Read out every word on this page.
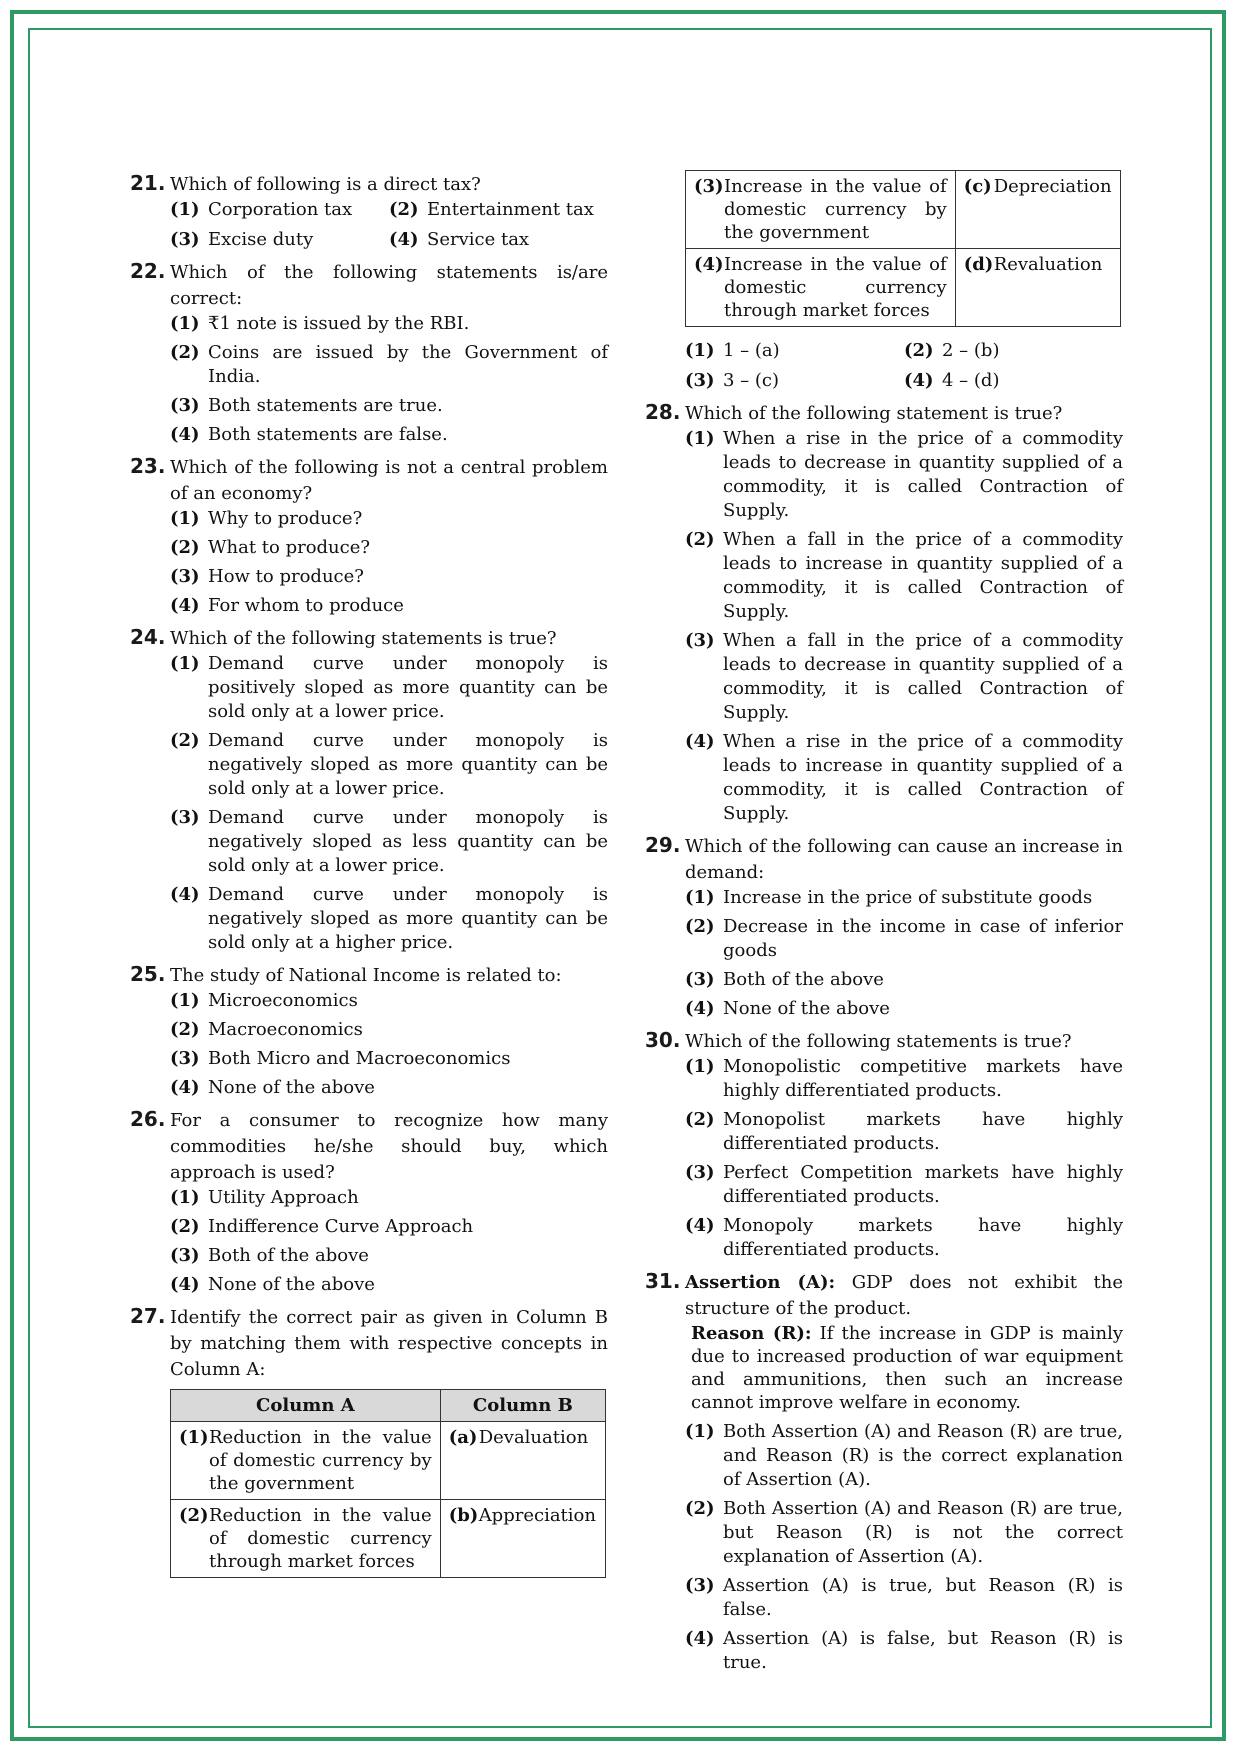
21. Which of following is a direct tax?
(1) Corporation tax	(2) Entertainment tax
(3) Excise duty	(4) Service tax
22. Which of the following statements is/are correct:
(1) ₹1 note is issued by the RBI.
(2) Coins are issued by the Government of India.
(3) Both statements are true.
(4) Both statements are false.
23. Which of the following is not a central problem of an economy?
(1) Why to produce?
(2) What to produce?
(3) How to produce?
(4) For whom to produce
24. Which of the following statements is true?
(1) Demand curve under monopoly is positively sloped as more quantity can be sold only at a lower price.
(2) Demand curve under monopoly is negatively sloped as more quantity can be sold only at a lower price.
(3) Demand curve under monopoly is negatively sloped as less quantity can be sold only at a lower price.
(4) Demand curve under monopoly is negatively sloped as more quantity can be sold only at a higher price.
25. The study of National Income is related to:
(1) Microeconomics
(2) Macroeconomics
(3) Both Micro and Macroeconomics
(4) None of the above
26. For a consumer to recognize how many commodities he/she should buy, which approach is used?
(1) Utility Approach
(2) Indifference Curve Approach
(3) Both of the above
(4) None of the above
27. Identify the correct pair as given in Column B by matching them with respective concepts in Column A:
Column A	Column B

(1) Reduction in the value of domestic currency by the government	(a) Devaluation

(2) Reduction in the value of domestic currency through market forces	(b) Appreciation
(3) Increase in the value of domestic currency by the government	(c) Depreciation

(4) Increase in the value of domestic currency through market forces	(d) Revaluation
(1) 1 – (a)	(2) 2 – (b)
(3) 3 – (c)	(4) 4 – (d)
28. Which of the following statement is true?
(1) When a rise in the price of a commodity leads to decrease in quantity supplied of a commodity, it is called Contraction of Supply.
(2) When a fall in the price of a commodity leads to increase in quantity supplied of a commodity, it is called Contraction of Supply.
(3) When a fall in the price of a commodity leads to decrease in quantity supplied of a commodity, it is called Contraction of Supply.
(4) When a rise in the price of a commodity leads to increase in quantity supplied of a commodity, it is called Contraction of Supply.
29. Which of the following can cause an increase in demand:
(1) Increase in the price of substitute goods
(2) Decrease in the income in case of inferior goods
(3) Both of the above
(4) None of the above
30. Which of the following statements is true?
(1) Monopolistic competitive markets have highly differentiated products.
(2) Monopolist markets have highly differentiated products.
(3) Perfect Competition markets have highly differentiated products.
(4) Monopoly markets have highly differentiated products.
31. Assertion (A): GDP does not exhibit the structure of the product.
Reason (R): If the increase in GDP is mainly due to increased production of war equipment and ammunitions, then such an increase cannot improve welfare in economy.
(1) Both Assertion (A) and Reason (R) are true, and Reason (R) is the correct explanation of Assertion (A).
(2) Both Assertion (A) and Reason (R) are true, but Reason (R) is not the correct explanation of Assertion (A).
(3) Assertion (A) is true, but Reason (R) is false.
(4) Assertion (A) is false, but Reason (R) is true.
